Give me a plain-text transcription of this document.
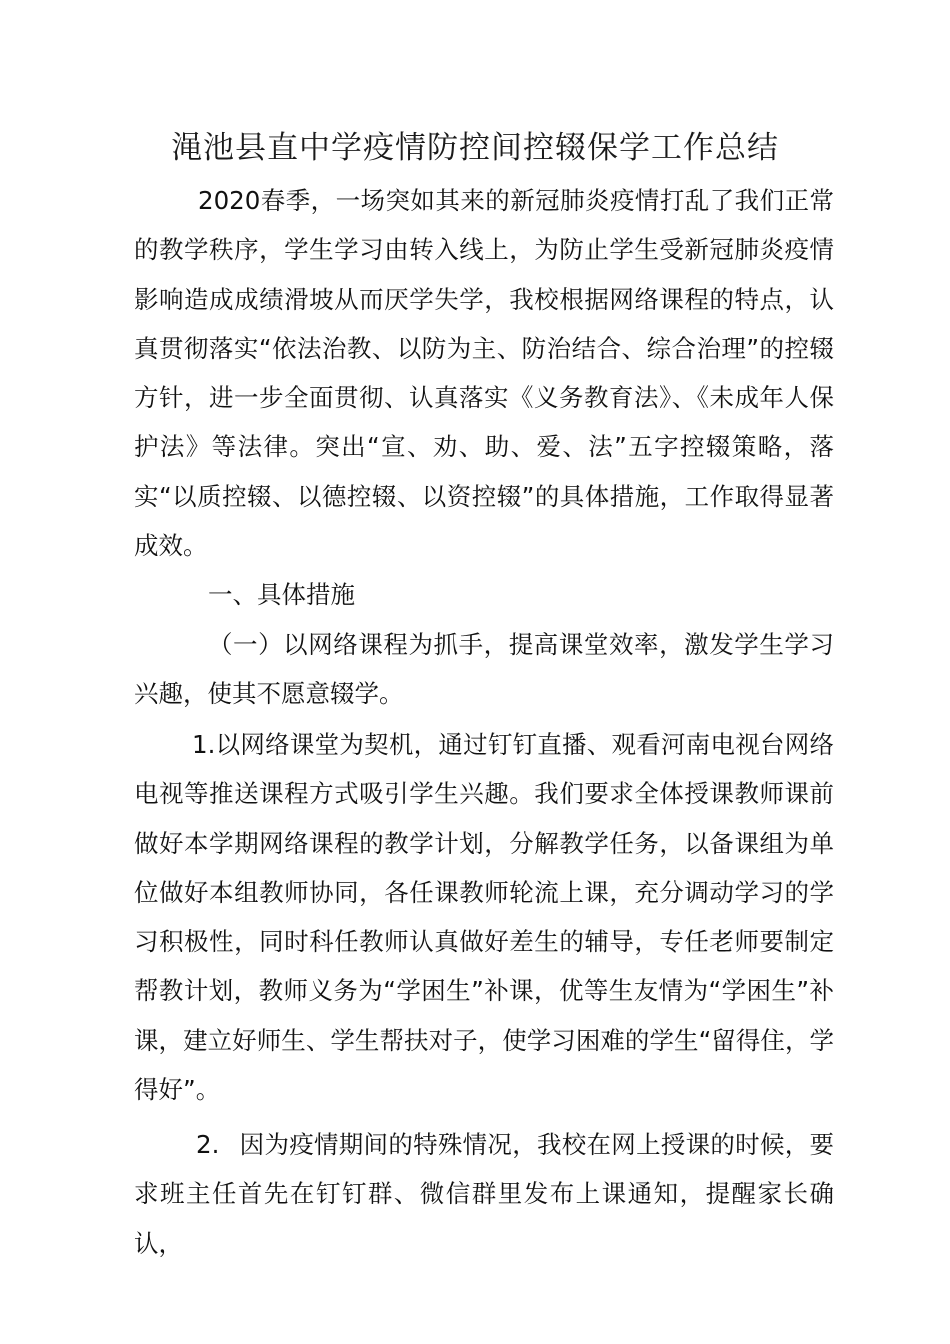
渑池县直中学疫情防控间控辍保学工作总结

2020春季，一场突如其来的新冠肺炎疫情打乱了我们正常的教学秩序，学生学习由转入线上，为防止学生受新冠肺炎疫情影响造成成绩滑坡从而厌学失学，我校根据网络课程的特点，认真贯彻落实“依法治教、以防为主、防治结合、综合治理”的控辍方针，进一步全面贯彻、认真落实《义务教育法》、《未成年人保护法》等法律。突出“宣、劝、助、爱、法”五字控辍策略，落实“以质控辍、以德控辍、以资控辍”的具体措施，工作取得显著成效。

一、具体措施

（一）以网络课程为抓手，提高课堂效率，激发学生学习兴趣，使其不愿意辍学。

1.以网络课堂为契机，通过钉钉直播、观看河南电视台网络电视等推送课程方式吸引学生兴趣。我们要求全体授课教师课前做好本学期网络课程的教学计划，分解教学任务，以备课组为单位做好本组教师协同，各任课教师轮流上课，充分调动学习的学习积极性，同时科任教师认真做好差生的辅导，专任老师要制定帮教计划，教师义务为“学困生”补课，优等生友情为“学困生”补课，建立好师生、学生帮扶对子，使学习困难的学生“留得住，学得好”。

2. 因为疫情期间的特殊情况，我校在网上授课的时候，要求班主任首先在钉钉群、微信群里发布上课通知，提醒家长确认，
